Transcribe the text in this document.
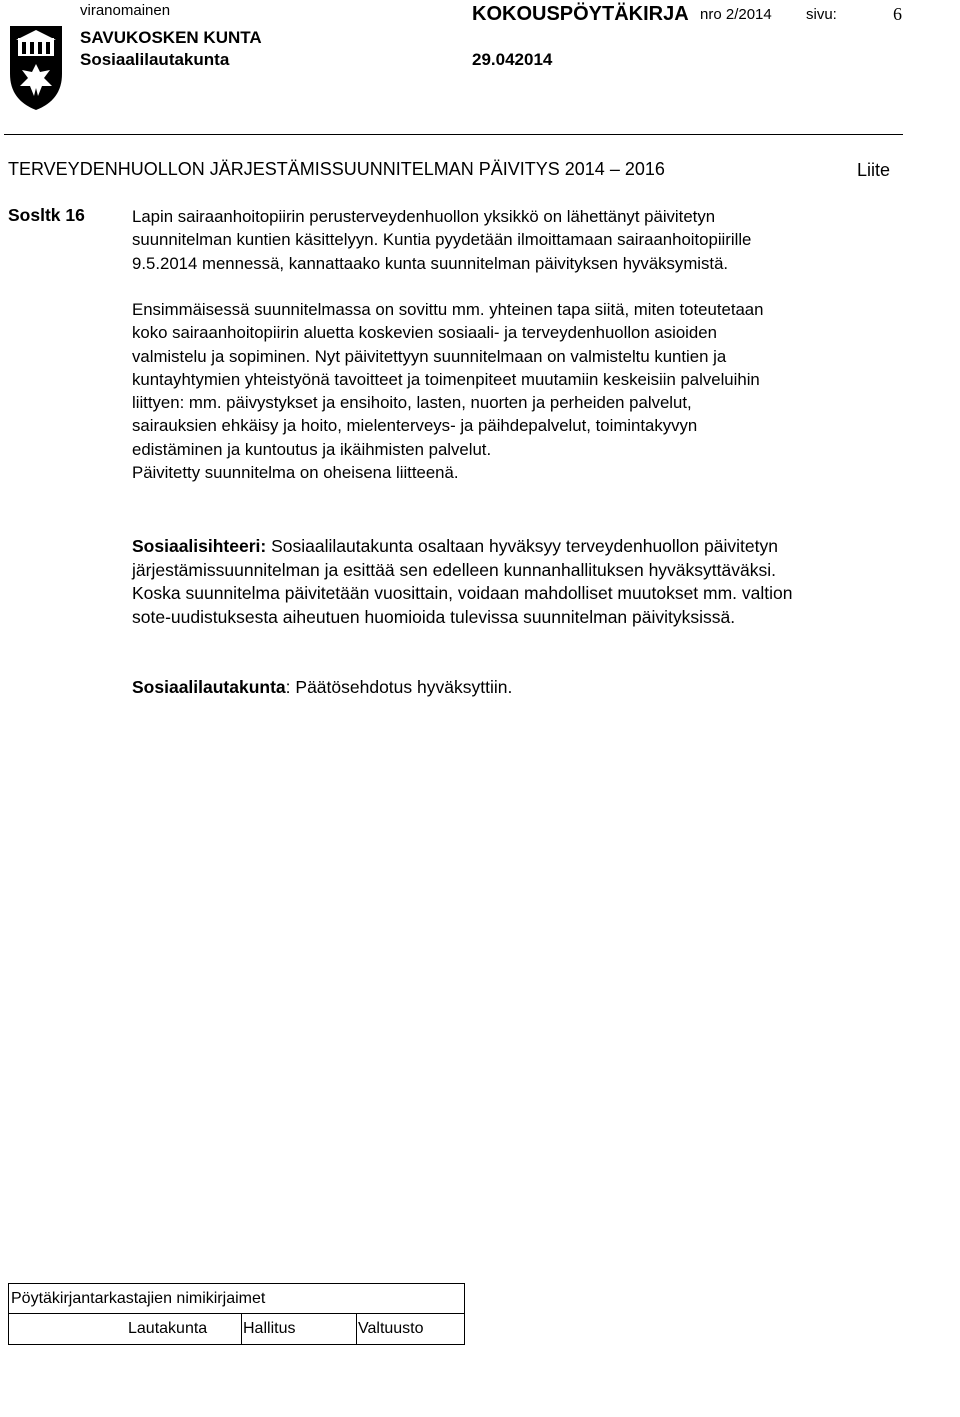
viranomainen	KOKOUSPÖYTÄKIRJA nro 2/2014 sivu:	6
SAVUKOSKEN KUNTA
Sosiaalilautakunta	29.042014
TERVEYDENHUOLLON JÄRJESTÄMISSUUNNITELMAN PÄIVITYS 2014 – 2016	Liite
Sosltk 16	Lapin sairaanhoitopiirin perusterveydenhuollon yksikkö on lähettänyt päivitetyn
suunnitelman kuntien käsittelyyn. Kuntia pyydetään ilmoittamaan sairaanhoitopiirille
9.5.2014 mennessä, kannattaako kunta suunnitelman päivityksen hyväksymistä.
Ensimmäisessä suunnitelmassa on sovittu mm. yhteinen tapa siitä, miten toteutetaan
koko sairaanhoitopiirin aluetta koskevien sosiaali- ja terveydenhuollon asioiden
valmistelu ja sopiminen. Nyt päivitettyyn suunnitelmaan on valmisteltu kuntien ja
kuntayhtymien yhteistyönä tavoitteet ja toimenpiteet muutamiin keskeisiin palveluihin
liittyen: mm. päivystykset ja ensihoito, lasten, nuorten ja perheiden palvelut,
sairauksien ehkäisy ja hoito, mielenterveys- ja päihdepalvelut, toimintakyvyn
edistäminen ja kuntoutus ja ikäihmisten palvelut.
Päivitetty suunnitelma on oheisena liitteenä.
Sosiaalisihteeri: Sosiaalilautakunta osaltaan hyväksyy terveydenhuollon päivitetyn
järjestämissuunnitelman ja esittää sen edelleen kunnanhallituksen hyväksyttäväksi.
Koska suunnitelma päivitetään vuosittain, voidaan mahdolliset muutokset mm. valtion
sote-uudistuksesta aiheutuen huomioida tulevissa suunnitelman päivityksissä.
Sosiaalilautakunta: Päätösehdotus hyväksyttiin.
Pöytäkirjantarkastajien nimikirjaimet			
Lautakunta	Hallitus	Valtuusto	
